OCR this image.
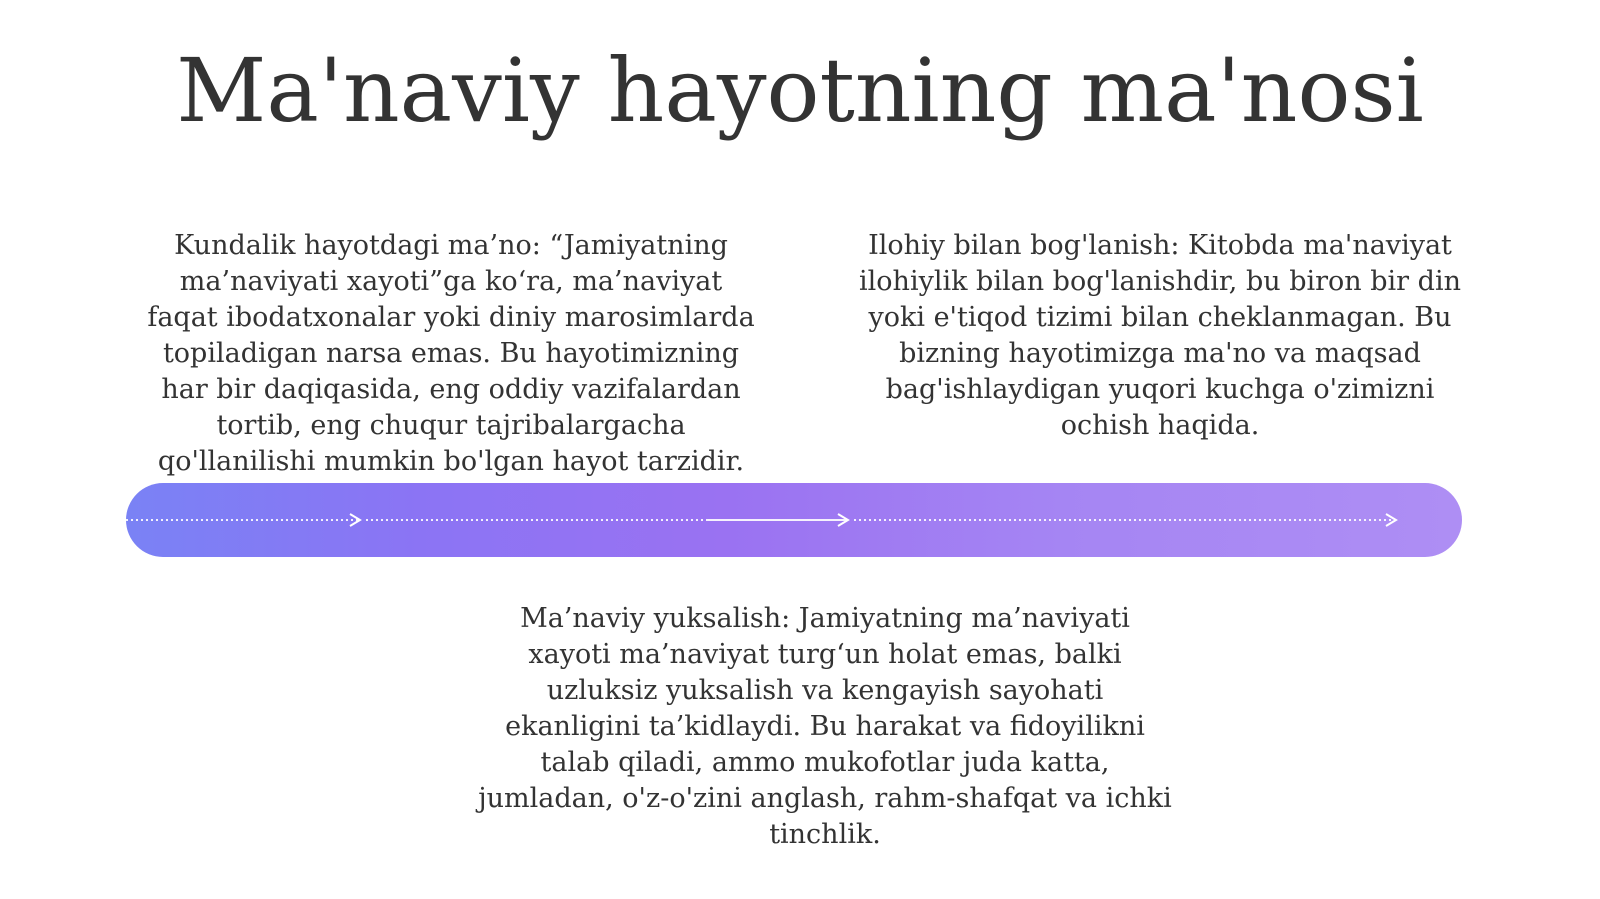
Ma'naviy hayotning ma'nosi
Kundalik hayotdagi ma’no: “Jamiyatning ma’naviyati xayoti”ga ko‘ra, ma’naviyat faqat ibodatxonalar yoki diniy marosimlarda topiladigan narsa emas. Bu hayotimizning har bir daqiqasida, eng oddiy vazifalardan tortib, eng chuqur tajribalargacha qo'llanilishi mumkin bo'lgan hayot tarzidir.
Ilohiy bilan bog'lanish: Kitobda ma'naviyat ilohiylik bilan bog'lanishdir, bu biron bir din yoki e'tiqod tizimi bilan cheklanmagan. Bu bizning hayotimizga ma'no va maqsad bag'ishlaydigan yuqori kuchga o'zimizni ochish haqida.
Ma’naviy yuksalish: Jamiyatning ma’naviyati xayoti ma’naviyat turg‘un holat emas, balki uzluksiz yuksalish va kengayish sayohati ekanligini ta’kidlaydi. Bu harakat va fidoyilikni talab qiladi, ammo mukofotlar juda katta, jumladan, o'z-o'zini anglash, rahm-shafqat va ichki tinchlik.
